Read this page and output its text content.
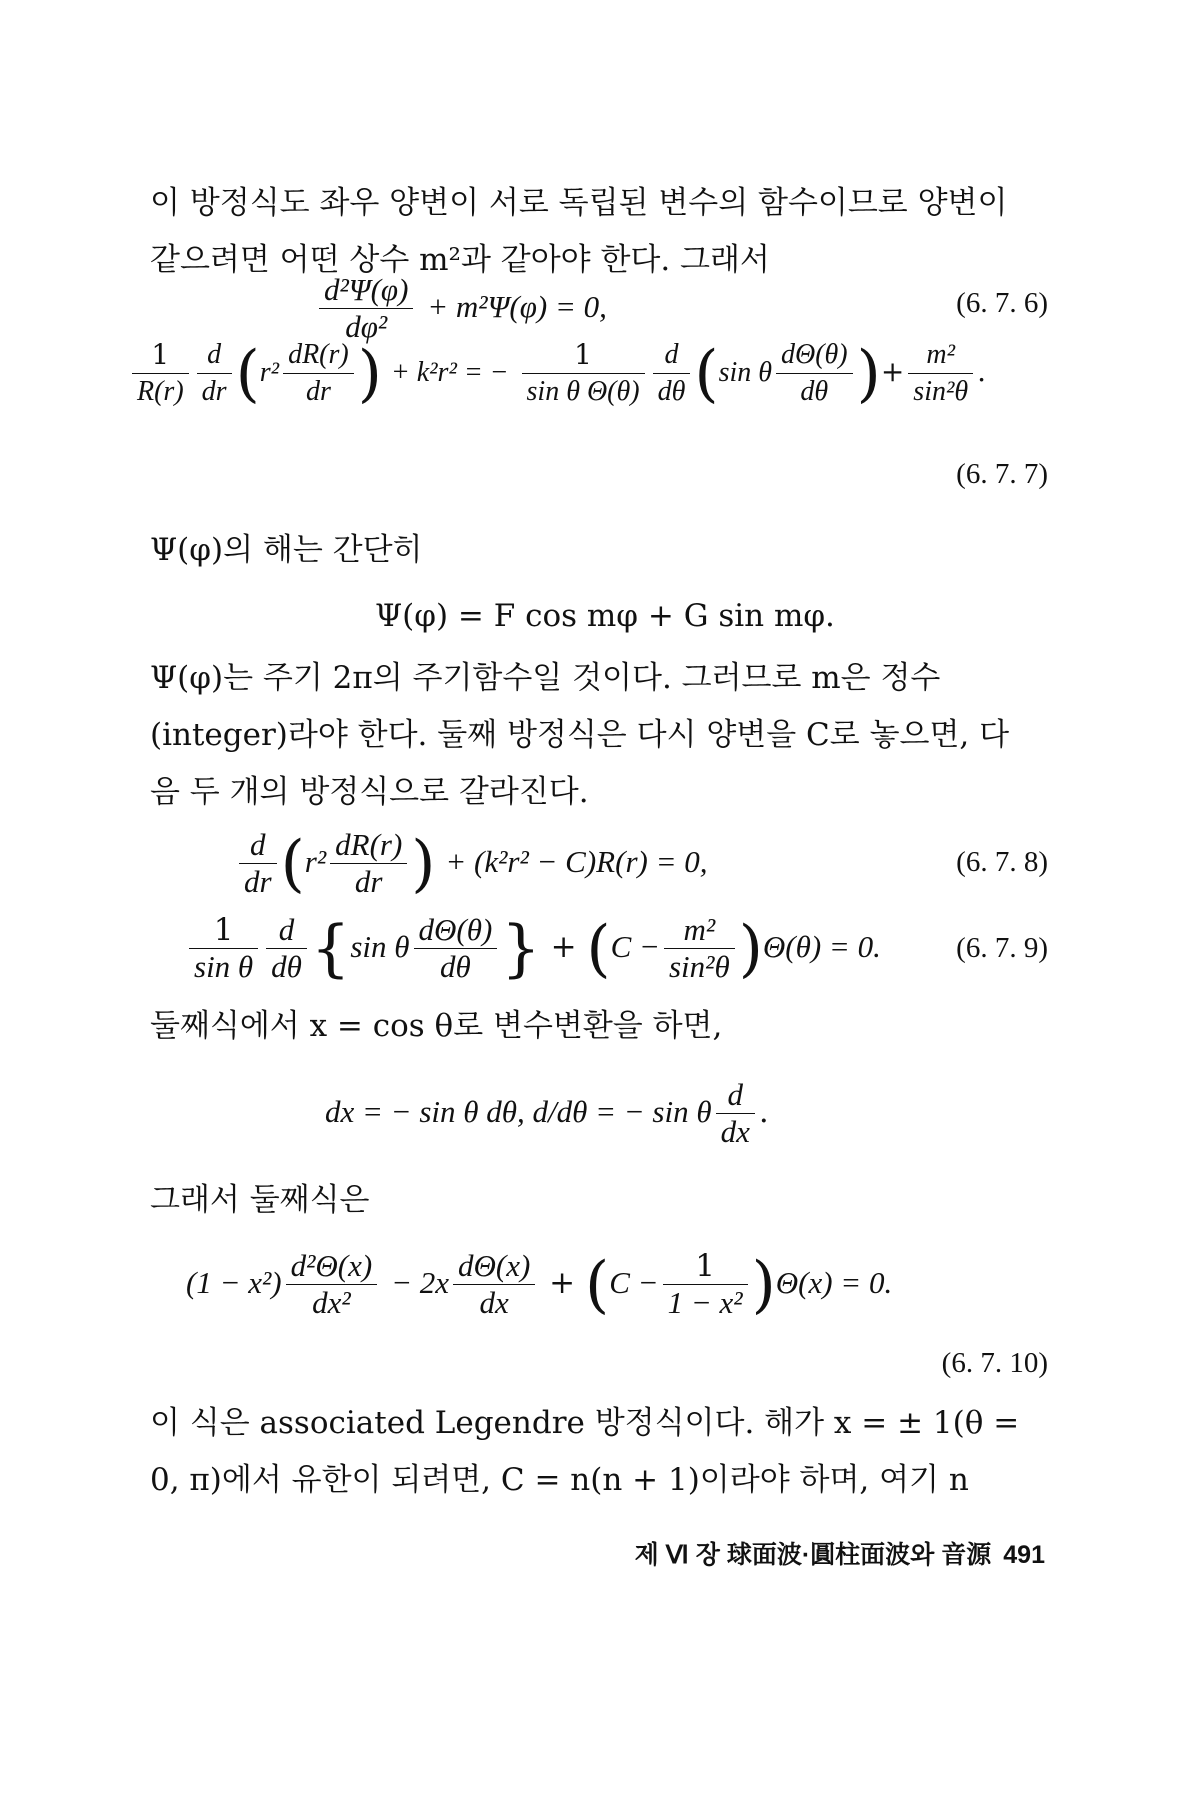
이 방정식도 좌우 양변이 서로 독립된 변수의 함수이므로 양변이
같으려면 어떤 상수 m²과 같아야 한다. 그래서
$\frac{\text{d²Ψ(φ)}}{\text{dφ²}} + m^2\Psi(\varphi) = 0$,	(6. 7. 6)
$\frac{1}{R(r)} \frac{d}{dr} (r^2 \frac{dR(r)}{dr}$ ) + k²r² = − $\frac{1}{\text{sin θ Θ(θ)}} \frac{d}{d\theta} (\sin$ θ $\frac{d\Theta(\theta)}{d\theta}$ )+ $\frac{\text{m²}}{\text{sin²θ}}$ .
(6. 7. 7)
Ψ(φ)의 해는 간단히
Ψ(φ) = F cos mφ + G sin mφ.
Ψ(φ)는 주기 2π의 주기함수일 것이다. 그러므로 m은 정수
(integer)라야 한다. 둘째 방정식은 다시 양변을 C로 놓으면, 다
음 두 개의 방정식으로 갈라진다.
$\frac{d}{dr} (r^2 \frac{dR(r)}{dr}$ ) + (k²r² − C)R(r) = 0,	(6. 7. 8)
$\frac{1}{\text{sin θ}} \frac{d}{d\theta} \{\sin$ θ $\frac{d\Theta(\theta)}{d\theta}$ } + $(C - \frac{\text{m²}}{\text{sin²θ}} )\Theta(\theta) = 0$.	(6. 7. 9)
둘째식에서 x = cos θ로 변수변환을 하면,
dx = − sin θ dθ, d/dθ = − sin θ $\frac{d}{dx}$ .
그래서 둘째식은
$(1 - x^2) \frac{\text{d²Θ(x)}}{\text{dx²}} - 2x \frac{d\Theta(x)}{dx} + (C - \frac{1}{\text{1 − x²}} )\Theta(x) = 0$.
(6. 7. 10)
이 식은 associated Legendre 방정식이다. 해가 x = ± 1(θ =
0, π)에서 유한이 되려면, C = n(n + 1)이라야 하며, 여기 n
제 Ⅵ 장 球面波·圓柱面波와 音源 491
